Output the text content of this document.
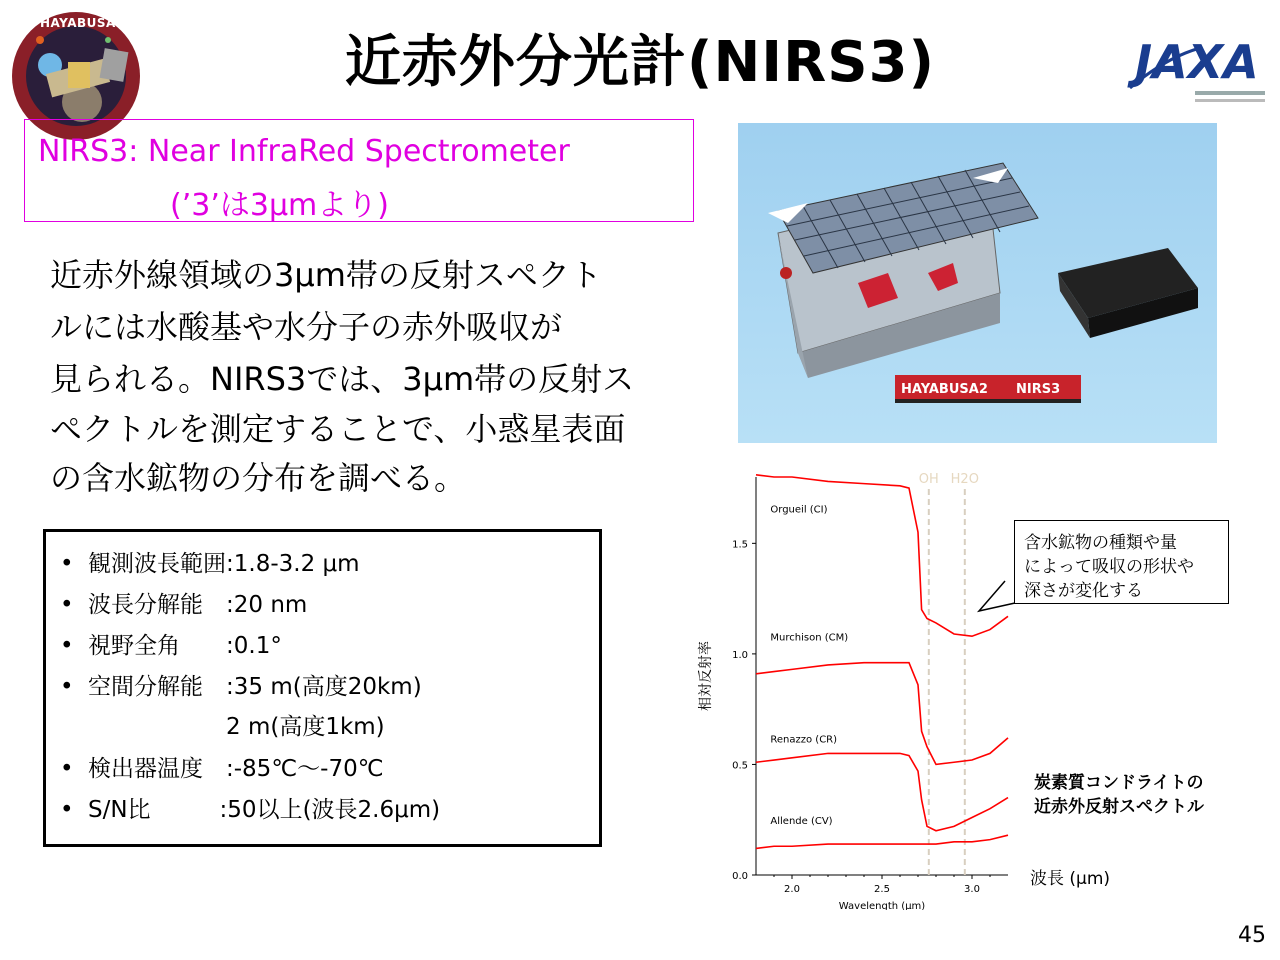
近赤外分光計(NIRS3)
HAYABUSA2
JAXA
NIRS3: Near InfraRed Spectrometer
(’3’は3μmより)
近赤外線領域の3μm帯の反射スペクト
ルには水酸基や水分子の赤外吸収が
見られる。NIRS3では、3μm帯の反射ス
ペクトルを測定することで、小惑星表面
の含水鉱物の分布を調べる。
• 観測波長範囲:1.8-3.2 μm
• 波長分解能　:20 nm
• 視野全角　　:0.1°
• 空間分解能　:35 m(高度20km)
　　　　　　2 m(高度1km)
• 検出器温度　:-85℃～-70℃
• S/N比　　　:50以上(波長2.6μm)
HAYABUSA2 NIRS3
0.0
0.5
1.0
1.5
2.0	2.5	3.0
Wavelength (μm)
相対反射率
OH H2O
Orgueil (CI)
Murchison (CM)
Renazzo (CR)
Allende (CV)
含水鉱物の種類や量
によって吸収の形状や
深さが変化する
炭素質コンドライトの
近赤外反射スペクトル
波長 (μm)
45
